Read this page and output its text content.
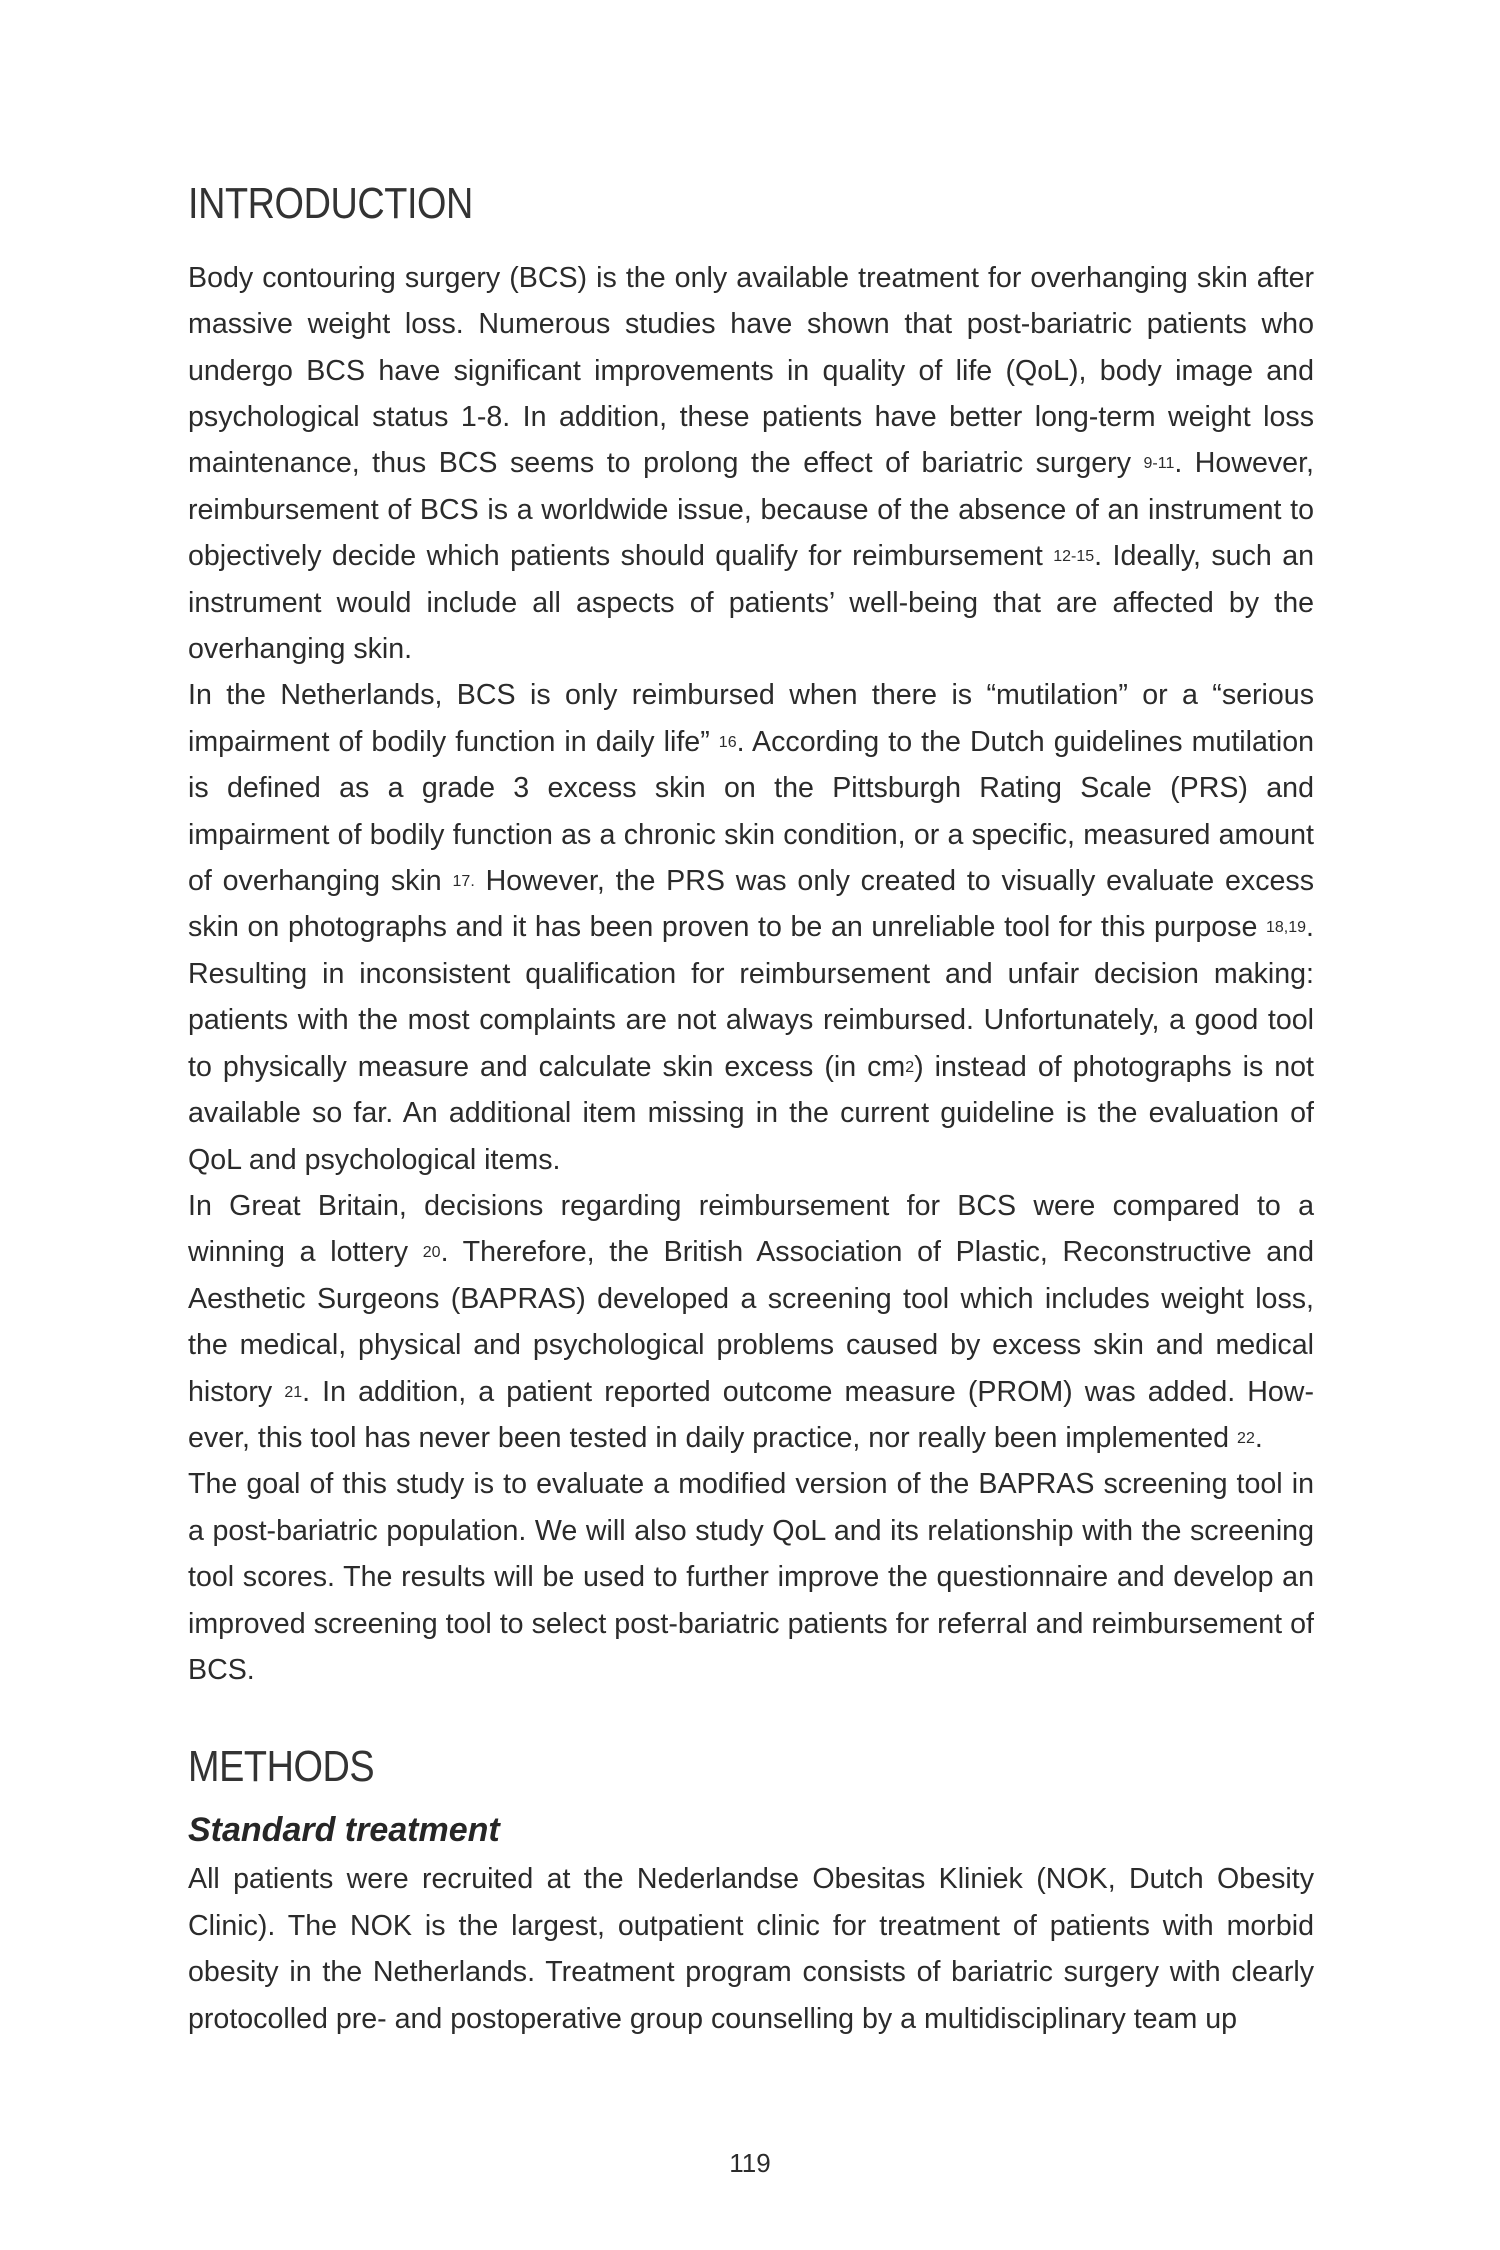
INTRODUCTION

Body contouring surgery (BCS) is the only available treatment for overhanging skin after massive weight loss. Numerous studies have shown that post-bariatric patients who undergo BCS have significant improvements in quality of life (QoL), body image and psychological status 1-8. In addition, these patients have better long-term weight loss maintenance, thus BCS seems to prolong the effect of bariatric surgery $^{9-11}$. However, reimbursement of BCS is a worldwide issue, because of the absence of an instrument to objectively decide which patients should qualify for reimbursement $^{12-15}$. Ideally, such an instrument would include all aspects of patients’ well-being that are affected by the overhanging skin.

In the Netherlands, BCS is only reimbursed when there is “mutilation” or a “serious impairment of bodily function in daily life” $^{16}$. According to the Dutch guidelines mutilation is defined as a grade 3 excess skin on the Pittsburgh Rating Scale (PRS) and impairment of bodily function as a chronic skin condition, or a specific, measured amount of overhanging skin $^{17.}$ However, the PRS was only created to visually evaluate excess skin on photographs and it has been proven to be an unreliable tool for this purpose $^{18,19}$. Resulting in inconsistent qualification for reimbursement and unfair decision making: patients with the most complaints are not always reimbursed. Unfortunately, a good tool to physically measure and calculate skin excess (in $cm^2$) instead of photographs is not available so far. An additional item missing in the current guideline is the evaluation of QoL and psychological items.

In Great Britain, decisions regarding reimbursement for BCS were compared to a winning a lottery $^{20}$. Therefore, the British Association of Plastic, Reconstructive and Aesthetic Surgeons (BAPRAS) developed a screening tool which includes weight loss, the medical, physical and psychological problems caused by excess skin and medical history $^{21}$. In addition, a patient reported outcome measure (PROM) was added. However, this tool has never been tested in daily practice, nor really been implemented $^{22}$.

The goal of this study is to evaluate a modified version of the BAPRAS screening tool in a post-bariatric population. We will also study QoL and its relationship with the screening tool scores. The results will be used to further improve the questionnaire and develop an improved screening tool to select post-bariatric patients for referral and reimbursement of BCS.

METHODS
Standard treatment

All patients were recruited at the Nederlandse Obesitas Kliniek (NOK, Dutch Obesity Clinic). The NOK is the largest, outpatient clinic for treatment of patients with morbid obesity in the Netherlands. Treatment program consists of bariatric surgery with clearly protocolled pre- and postoperative group counselling by a multidisciplinary team up

119
